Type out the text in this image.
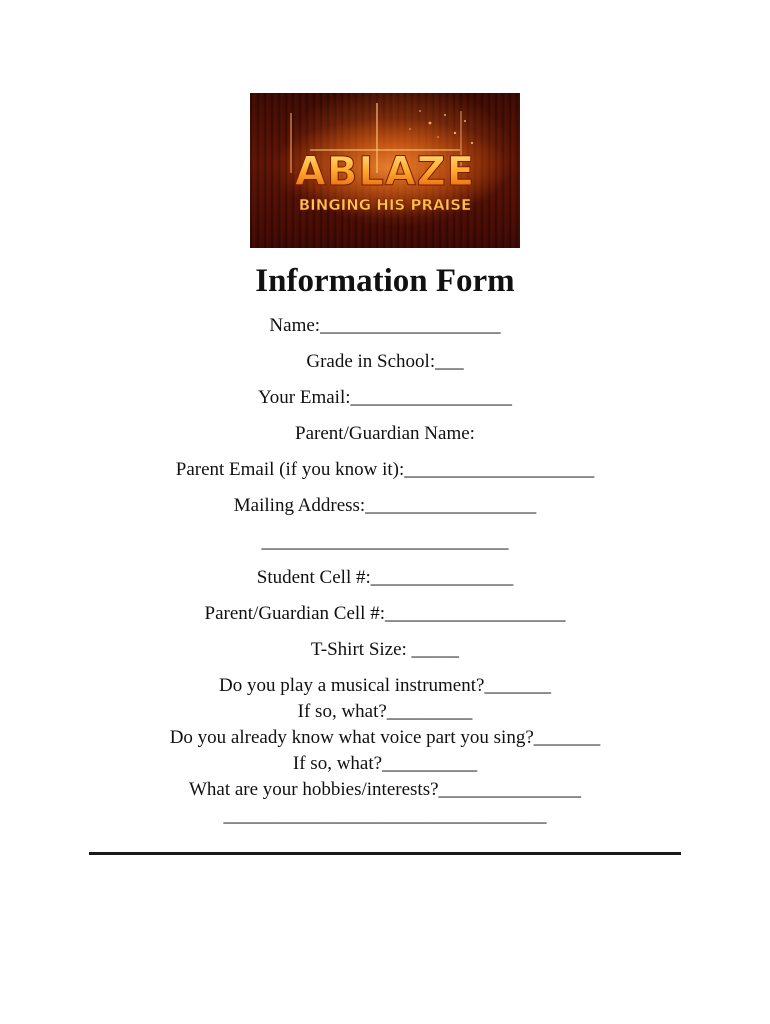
ABLAZE
BINGING HIS PRAISE
Information Form
Name:___________________
Grade in School:___
Your Email:_________________
Parent/Guardian Name:
Parent Email (if you know it):____________________
Mailing Address:__________________
__________________________
Student Cell #:_______________
Parent/Guardian Cell #:___________________
T-Shirt Size: _____
Do you play a musical instrument?_______
If so, what?_________
Do you already know what voice part you sing?_______
If so, what?__________
What are your hobbies/interests?_______________
__________________________________
